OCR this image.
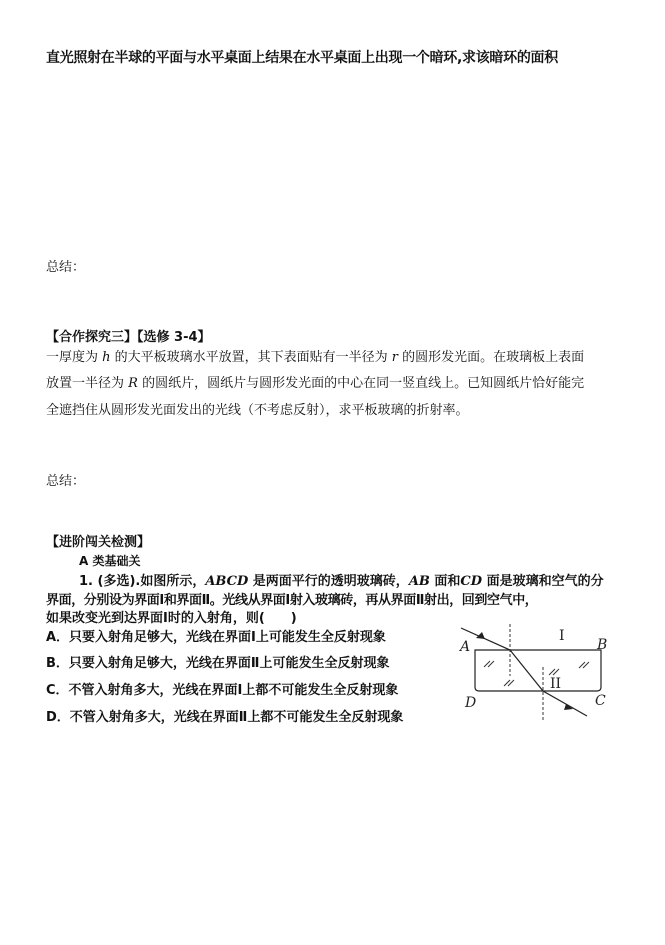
直光照射在半球的平面与水平桌面上结果在水平桌面上出现一个暗环,求该暗环的面积
总结：
【合作探究三】【选修 3-4】
一厚度为 h 的大平板玻璃水平放置，其下表面贴有一半径为 r 的圆形发光面。在玻璃板上表面
放置一半径为 R 的圆纸片，圆纸片与圆形发光面的中心在同一竖直线上。已知圆纸片恰好能完
全遮挡住从圆形发光面发出的光线（不考虑反射），求平板玻璃的折射率。
总结：
【进阶闯关检测】
A 类基础关
1. (多选).如图所示，ABCD 是两面平行的透明玻璃砖，AB 面和CD 面是玻璃和空气的分
界面，分别设为界面Ⅰ和界面Ⅱ。光线从界面Ⅰ射入玻璃砖，再从界面Ⅱ射出，回到空气中，
如果改变光到达界面Ⅰ时的入射角，则(　　)
A．只要入射角足够大，光线在界面Ⅰ上可能发生全反射现象
B．只要入射角足够大，光线在界面Ⅱ上可能发生全反射现象
C．不管入射角多大，光线在界面Ⅰ上都不可能发生全反射现象
D．不管入射角多大，光线在界面Ⅱ上都不可能发生全反射现象
A	B
C
D
I
II
